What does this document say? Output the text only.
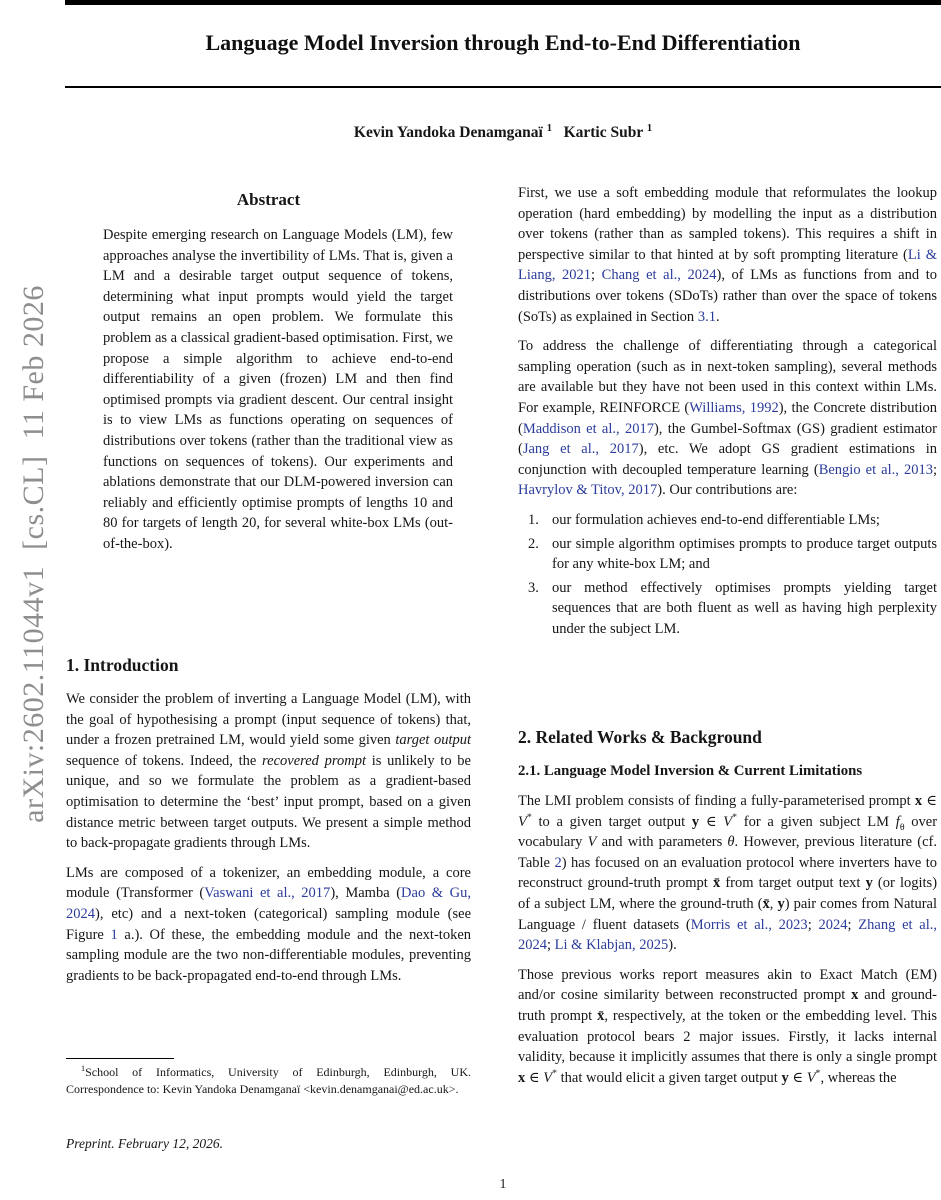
arXiv:2602.11044v1  [cs.CL]  11 Feb 2026
Language Model Inversion through End-to-End Differentiation
Kevin Yandoka Denamganaï $^1$ Kartic Subr $^1$
Abstract

Despite emerging research on Language Models (LM), few approaches analyse the invertibility of LMs. That is, given a LM and a desirable target output sequence of tokens, determining what input prompts would yield the target output remains an open problem. We formulate this problem as a classical gradient-based optimisation. First, we propose a simple algorithm to achieve end-to-end differentiability of a given (frozen) LM and then find optimised prompts via gradient descent. Our central insight is to view LMs as functions operating on sequences of distributions over tokens (rather than the traditional view as functions on sequences of tokens). Our experiments and ablations demonstrate that our DLM-powered inversion can reliably and efficiently optimise prompts of lengths 10 and 80 for targets of length 20, for several white-box LMs (out-of-the-box).

1. Introduction

We consider the problem of inverting a Language Model (LM), with the goal of hypothesising a prompt (input sequence of tokens) that, under a frozen pretrained LM, would yield some given target output sequence of tokens. Indeed, the recovered prompt is unlikely to be unique, and so we formulate the problem as a gradient-based optimisation to determine the ‘best’ input prompt, based on a given distance metric between target outputs. We present a simple method to back-propagate gradients through LMs.

LMs are composed of a tokenizer, an embedding module, a core module (Transformer (Vaswani et al., 2017), Mamba (Dao & Gu, 2024), etc) and a next-token (categorical) sampling module (see Figure 1 a.). Of these, the embedding module and the next-token sampling module are the two non-differentiable modules, preventing gradients to be back-propagated end-to-end through LMs.

First, we use a soft embedding module that reformulates the lookup operation (hard embedding) by modelling the input as a distribution over tokens (rather than as sampled tokens). This requires a shift in perspective similar to that hinted at by soft prompting literature (Li & Liang, 2021; Chang et al., 2024), of LMs as functions from and to distributions over tokens (SDoTs) rather than over the space of tokens (SoTs) as explained in Section 3.1.

To address the challenge of differentiating through a categorical sampling operation (such as in next-token sampling), several methods are available but they have not been used in this context within LMs. For example, REINFORCE (Williams, 1992), the Concrete distribution (Maddison et al., 2017), the Gumbel-Softmax (GS) gradient estimator (Jang et al., 2017), etc. We adopt GS gradient estimations in conjunction with decoupled temperature learning (Bengio et al., 2013; Havrylov & Titov, 2017). Our contributions are:

1. our formulation achieves end-to-end differentiable LMs;
2. our simple algorithm optimises prompts to produce target outputs for any white-box LM; and
3. our method effectively optimises prompts yielding target sequences that are both fluent as well as having high perplexity under the subject LM.
2. Related Works & Background
2.1. Language Model Inversion & Current Limitations

The LMI problem consists of finding a fully-parameterised prompt x ∈ V* to a given target output y ∈ V* for a given subject LM $f_\theta$ over vocabulary V and with parameters θ. However, previous literature (cf. Table 2) has focused on an evaluation protocol where inverters have to reconstruct ground-truth prompt x̄ from target output text y (or logits) of a subject LM, where the ground-truth (x̄, y) pair comes from Natural Language / fluent datasets (Morris et al., 2023; 2024; Zhang et al., 2024; Li & Klabjan, 2025).

Those previous works report measures akin to Exact Match (EM) and/or cosine similarity between reconstructed prompt x and ground-truth prompt x̄, respectively, at the token or the embedding level. This evaluation protocol bears 2 major issues. Firstly, it lacks internal validity, because it implicitly assumes that there is only a single prompt x ∈ V* that would elicit a given target output y ∈ V*, whereas the

$^1$School of Informatics, University of Edinburgh, Edinburgh, UK. Correspondence to: Kevin Yandoka Denamganaï <kevin.denamganai@ed.ac.uk>.
Preprint. February 12, 2026.
1
